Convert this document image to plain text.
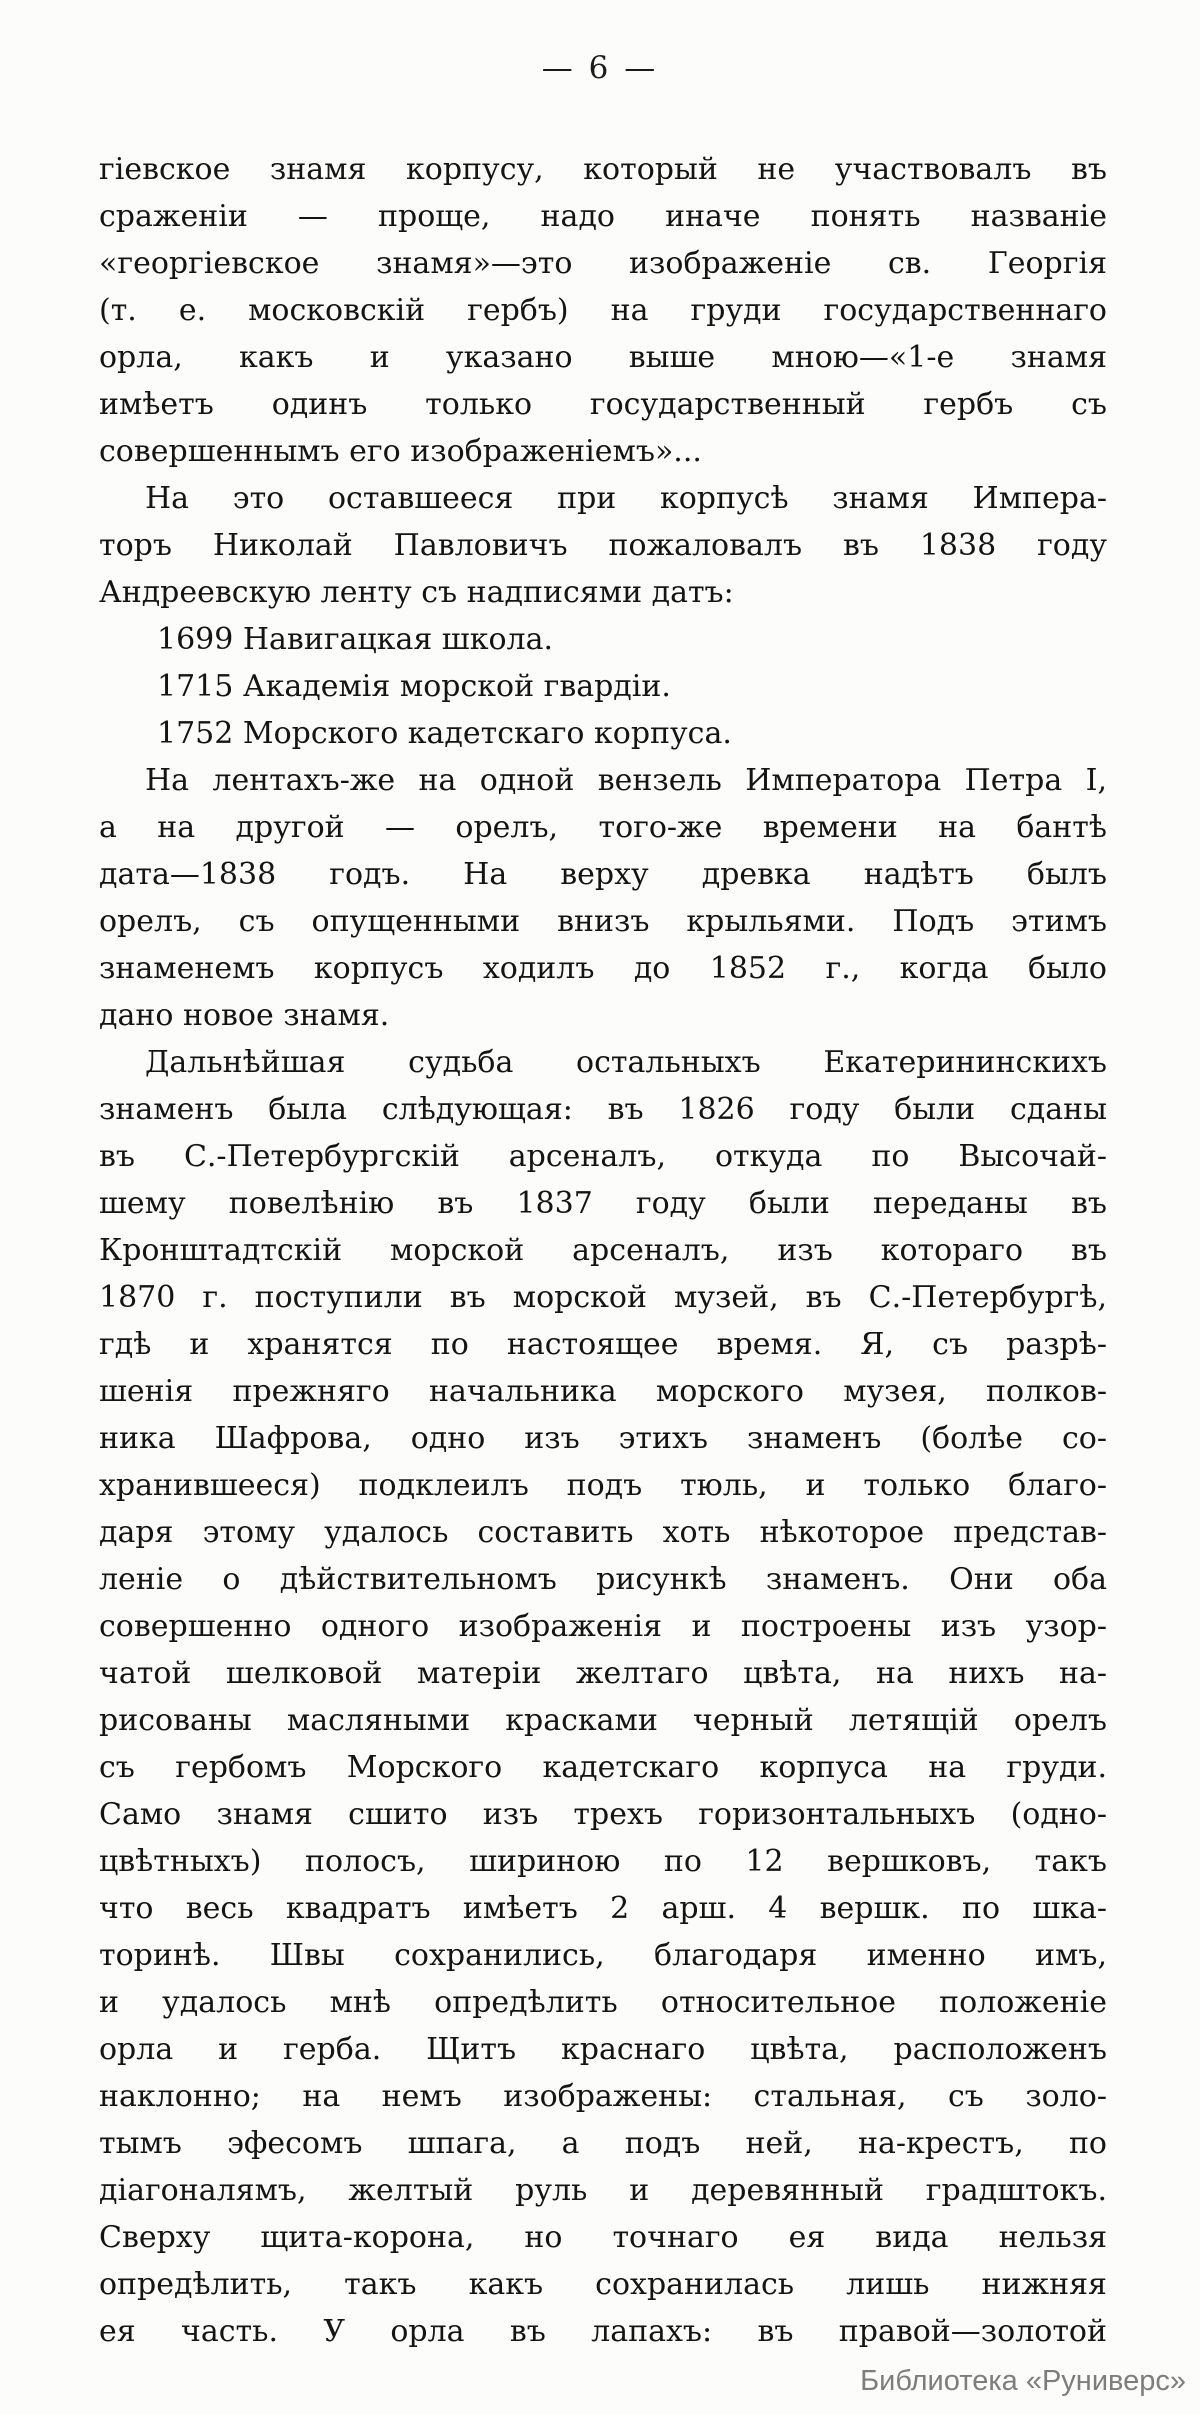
— 6 —
гіевское знамя корпусу, который не участвовалъ въ
сраженіи — проще, надо иначе понять названіе
«георгіевское знамя»—это изображеніе св. Георгія
(т. е. московскій гербъ) на груди государственнаго
орла, какъ и указано выше мною—«1-е знамя
имѣетъ одинъ только государственный гербъ съ
совершеннымъ его изображеніемъ»...
На это оставшееся при корпусѣ знамя Импера-
торъ Николай Павловичъ пожаловалъ въ 1838 году
Андреевскую ленту съ надписями датъ:
1699 Навигацкая школа.
1715 Академія морской гвардіи.
1752 Морского кадетскаго корпуса.
На лентахъ-же на одной вензель Императора Петра I,
а на другой — орелъ, того-же времени на бантѣ
дата—1838 годъ. На верху древка надѣтъ былъ
орелъ, съ опущенными внизъ крыльями. Подъ этимъ
знаменемъ корпусъ ходилъ до 1852 г., когда было
дано новое знамя.
Дальнѣйшая судьба остальныхъ Екатерининскихъ
знаменъ была слѣдующая: въ 1826 году были сданы
въ С.-Петербургскій арсеналъ, откуда по Высочай-
шему повелѣнію въ 1837 году были переданы въ
Кронштадтскій морской арсеналъ, изъ котораго въ
1870 г. поступили въ морской музей, въ С.-Петербургѣ,
гдѣ и хранятся по настоящее время. Я, съ разрѣ-
шенія прежняго начальника морского музея, полков-
ника Шафрова, одно изъ этихъ знаменъ (болѣе со-
хранившееся) подклеилъ подъ тюль, и только благо-
даря этому удалось составить хоть нѣкоторое представ-
леніе о дѣйствительномъ рисункѣ знаменъ. Они оба
совершенно одного изображенія и построены изъ узор-
чатой шелковой матеріи желтаго цвѣта, на нихъ на-
рисованы масляными красками черный летящій орелъ
съ гербомъ Морского кадетскаго корпуса на груди.
Само знамя сшито изъ трехъ горизонтальныхъ (одно-
цвѣтныхъ) полосъ, шириною по 12 вершковъ, такъ
что весь квадратъ имѣетъ 2 арш. 4 вершк. по шка-
торинѣ. Швы сохранились, благодаря именно имъ,
и удалось мнѣ опредѣлить относительное положеніе
орла и герба. Щитъ краснаго цвѣта, расположенъ
наклонно; на немъ изображены: стальная, съ золо-
тымъ эфесомъ шпага, а подъ ней, на-крестъ, по
діагоналямъ, желтый руль и деревянный градштокъ.
Сверху щита-корона, но точнаго ея вида нельзя
опредѣлить, такъ какъ сохранилась лишь нижняя
ея часть. У орла въ лапахъ: въ правой—золотой
Библиотека «Руниверс»
